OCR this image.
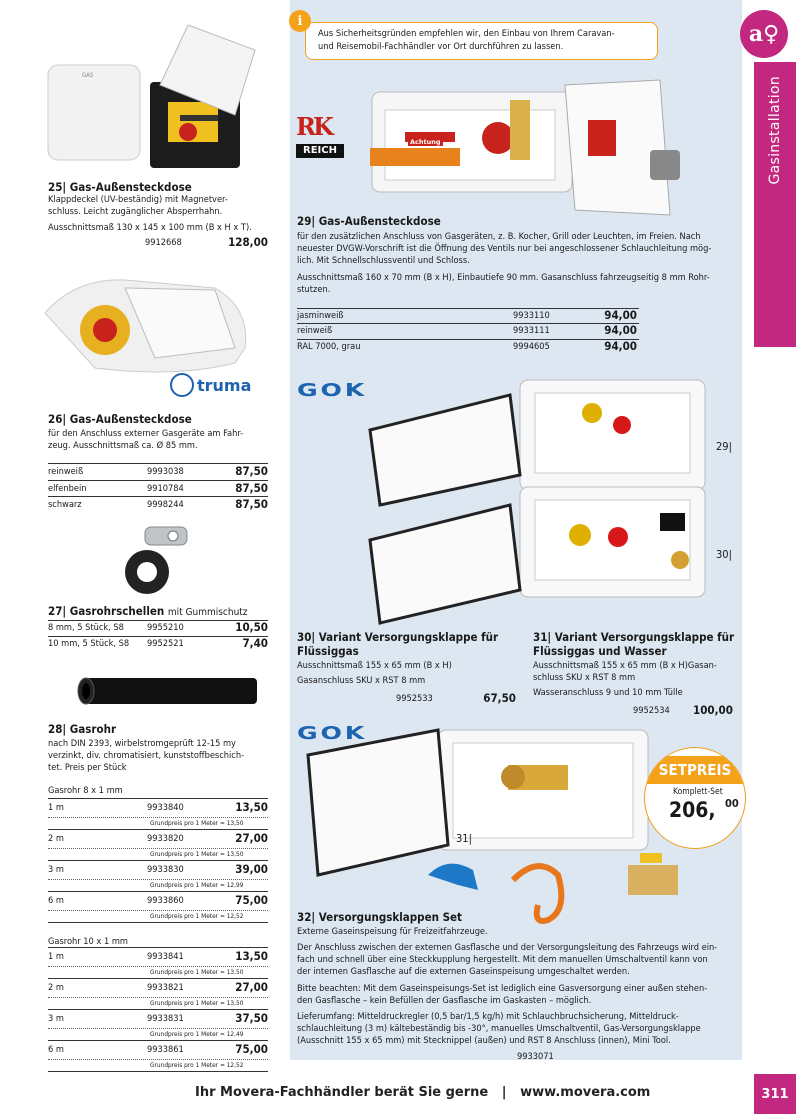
Gasinstallation
a♀
Aus Sicherheitsgründen empfehlen wir, den Einbau von Ihrem Caravan-
und Reisemobil-Fachhändler vor Ort durchführen zu lassen.
i
GAS
25| Gas-Außensteckdose
Klappdeckel (UV-beständig) mit Magnetver-
schluss. Leicht zugänglicher Absperrhahn.
Ausschnittsmaß 130 x 145 x 100 mm (B x H x T).
9912668	128,00
truma
26| Gas-Außensteckdose
für den Anschluss externer Gasgeräte am Fahr-
zeug. Ausschnittsmaß ca. Ø 85 mm.
reinweiß	9993038	87,50
elfenbein	9910784	87,50
schwarz	9998244	87,50
27| Gasrohrschellen mit Gummischutz
8 mm, 5 Stück, S8	9955210	10,50
10 mm, 5 Stück, S8 9952521	7,40
28| Gasrohr
nach DIN 2393, wirbelstromgeprüft 12-15 my
verzinkt, div. chromatisiert, kunststoffbeschich-
tet. Preis per Stück
Gasrohr 8 x 1 mm
1 m	9933840	13,50
Grundpreis pro 1 Meter = 13,50
2 m	9933820	27,00
Grundpreis pro 1 Meter = 13,50
3 m	9933830	39,00
Grundpreis pro 1 Meter = 12,99
6 m	9933860	75,00
Grundpreis pro 1 Meter = 12,52
Gasrohr 10 x 1 mm
1 m	9933841	13,50
Grundpreis pro 1 Meter = 13,50
2 m	9933821	27,00
Grundpreis pro 1 Meter = 13,50
3 m	9933831	37,50
Grundpreis pro 1 Meter = 12,49
6 m	9933861	75,00
Grundpreis pro 1 Meter = 12,52
RK
REICH
Achtung
29| Gas-Außensteckdose
für den zusätzlichen Anschluss von Gasgeräten, z. B. Kocher, Grill oder Leuchten, im Freien. Nach
neuester DVGW-Vorschrift ist die Öffnung des Ventils nur bei angeschlossener Schlauchleitung mög-
lich. Mit Schnellschlussventil und Schloss.
Ausschnittsmaß 160 x 70 mm (B x H), Einbautiefe 90 mm. Gasanschluss fahrzeugseitig 8 mm Rohr-
stutzen.
jasminweiß	9933110	94,00
reinweiß	9933111	94,00
RAL 7000, grau	9994605	94,00
GOK
29|
30|
30| Variant Versorgungsklappe für
Flüssiggas
Ausschnittsmaß 155 x 65 mm (B x H)
Gasanschluss SKU x RST 8 mm
9952533	67,50
31| Variant Versorgungsklappe für
Flüssiggas und Wasser
Ausschnittsmaß 155 x 65 mm (B x H)Gasan-
schluss SKU x RST 8 mm
Wasseranschluss 9 und 10 mm Tülle
9952534 100,00
GOK
31|
SETPREIS
Komplett-Set
206, 00
32| Versorgungsklappen Set
Externe Gaseinspeisung für Freizeitfahrzeuge.
Der Anschluss zwischen der externen Gasflasche und der Versorgungsleitung des Fahrzeugs wird ein-
fach und schnell über eine Steckkupplung hergestellt. Mit dem manuellen Umschaltventil kann von
der internen Gasflasche auf die externen Gaseinspeisung umgeschaltet werden.
Bitte beachten: Mit dem Gaseinspeisungs-Set ist lediglich eine Gasversorgung einer außen stehen-
den Gasflasche – kein Befüllen der Gasflasche im Gaskasten – möglich.
Lieferumfang: Mitteldruckregler (0,5 bar/1,5 kg/h) mit Schlauchbruchsicherung, Mitteldruck-
schlauchleitung (3 m) kältebeständig bis -30°, manuelles Umschaltventil, Gas-Versorgungsklappe
(Ausschnitt 155 x 65 mm) mit Stecknippel (außen) und RST 8 Anschluss (innen), Mini Tool.
9933071
Ihr Movera-Fachhändler berät Sie gerne   |   www.movera.com	311
